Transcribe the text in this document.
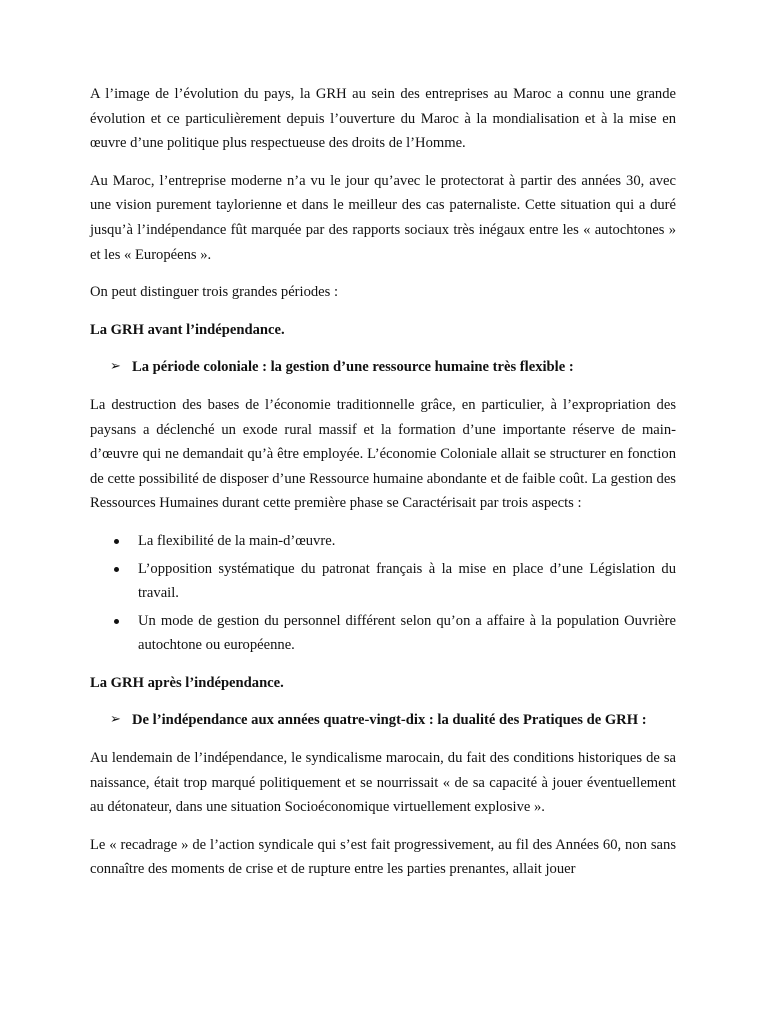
A l’image de l’évolution du pays, la GRH au sein des entreprises au Maroc a connu une grande évolution et ce particulièrement depuis l’ouverture du Maroc à la mondialisation et à la mise en œuvre d’une politique plus respectueuse des droits de l’Homme.

Au Maroc, l’entreprise moderne n’a vu le jour qu’avec le protectorat à partir des années 30, avec une vision purement taylorienne et dans le meilleur des cas paternaliste. Cette situation qui a duré jusqu’à l’indépendance fût marquée par des rapports sociaux très inégaux entre les « autochtones » et les « Européens ».

On peut distinguer trois grandes périodes :

La GRH avant l’indépendance.

➢ La période coloniale : la gestion d’une ressource humaine très flexible :

La destruction des bases de l’économie traditionnelle grâce, en particulier, à l’expropriation des paysans a déclenché un exode rural massif et la formation d’une importante réserve de main-d’œuvre qui ne demandait qu’à être employée. L’économie Coloniale allait se structurer en fonction de cette possibilité de disposer d’une Ressource humaine abondante et de faible coût. La gestion des Ressources Humaines durant cette première phase se Caractérisait par trois aspects :

La flexibilité de la main-d’œuvre.
L’opposition systématique du patronat français à la mise en place d’une Législation du travail.
Un mode de gestion du personnel différent selon qu’on a affaire à la population Ouvrière autochtone ou européenne.

La GRH après l’indépendance.

➢ De l’indépendance aux années quatre-vingt-dix : la dualité des Pratiques de GRH :

Au lendemain de l’indépendance, le syndicalisme marocain, du fait des conditions historiques de sa naissance, était trop marqué politiquement et se nourrissait « de sa capacité à jouer éventuellement au détonateur, dans une situation Socioéconomique virtuellement explosive ».

Le « recadrage » de l’action syndicale qui s’est fait progressivement, au fil des Années 60, non sans connaître des moments de crise et de rupture entre les parties prenantes, allait jouer
